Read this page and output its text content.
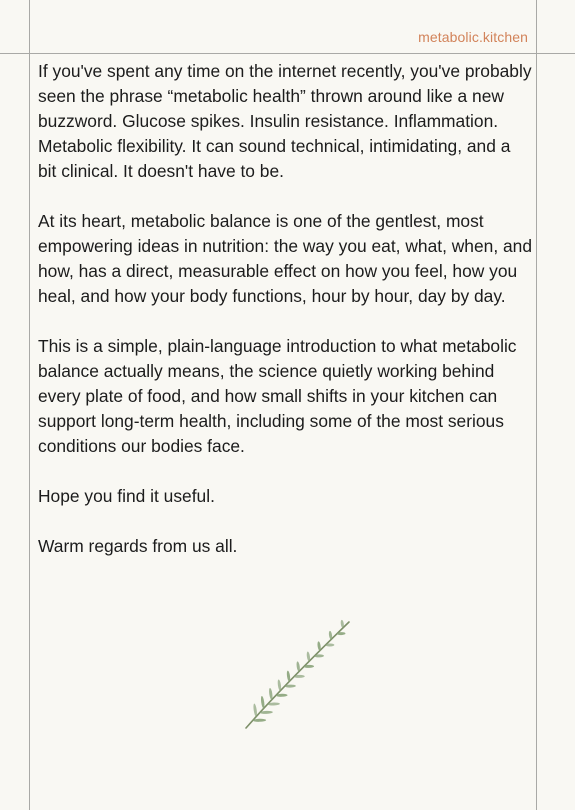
metabolic.kitchen

If you've spent any time on the internet recently, you've probably seen the phrase “metabolic health” thrown around like a new buzzword. Glucose spikes. Insulin resistance. Inflammation. Metabolic flexibility. It can sound technical, intimidating, and a bit clinical. It doesn't have to be.

At its heart, metabolic balance is one of the gentlest, most empowering ideas in nutrition: the way you eat, what, when, and how, has a direct, measurable effect on how you feel, how you heal, and how your body functions, hour by hour, day by day.

This is a simple, plain-language introduction to what metabolic balance actually means, the science quietly working behind every plate of food, and how small shifts in your kitchen can support long-term health, including some of the most serious conditions our bodies face.

Hope you find it useful.

Warm regards from us all.
